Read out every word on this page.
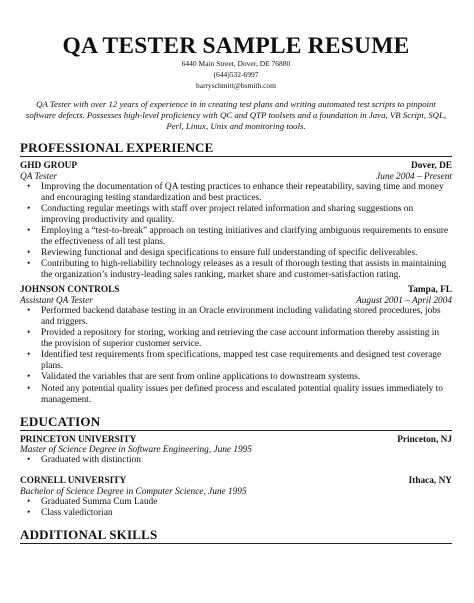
QA TESTER SAMPLE RESUME
6440 Main Street, Dover, DE 76880
(644)532-6997
barryschmitt@bsmith.com
QA Tester with over 12 years of experience in in creating test plans and writing automated test scripts to pinpoint software defects. Possesses high-level proficiency with QC and QTP toolsets and a foundation in Java, VB Script, SQL, Perl, Linux, Unix and monitoring tools.
PROFESSIONAL EXPERIENCE
GHD GROUP	Dover, DE
QA Tester	June 2004 – Present
• Improving the documentation of QA testing practices to enhance their repeatability, saving time and money and encouraging testing standardization and best practices.
• Conducting regular meetings with staff over project related information and sharing suggestions on improving productivity and quality.
• Employing a “test-to-break” approach on testing initiatives and clarifying ambiguous requirements to ensure the effectiveness of all test plans.
• Reviewing functional and design specifications to ensure full understanding of specific deliverables.
• Contributing to high-reliability technology releases as a result of thorough testing that assists in maintaining the organization’s industry-leading sales ranking, market share and customer-satisfaction rating.
JOHNSON CONTROLS	Tampa, FL
Assistant QA Tester	August 2001 – April 2004
• Performed backend database testing in an Oracle environment including validating stored procedures, jobs and triggers.
• Provided a repository for storing, working and retrieving the case account information thereby assisting in the provision of superior customer service.
• Identified test requirements from specifications, mapped test case requirements and designed test coverage plans.
• Validated the variables that are sent from online applications to downstream systems.
• Noted any potential quality issues per defined process and escalated potential quality issues immediately to management.
EDUCATION
PRINCETON UNIVERSITY	Princeton, NJ
Master of Science Degree in Software Engineering, June 1995
• Graduated with distinction
CORNELL UNIVERSITY	Ithaca, NY
Bachelor of Science Degree in Computer Science, June 1995
• Graduated Summa Cum Laude
• Class valedictorian
ADDITIONAL SKILLS
